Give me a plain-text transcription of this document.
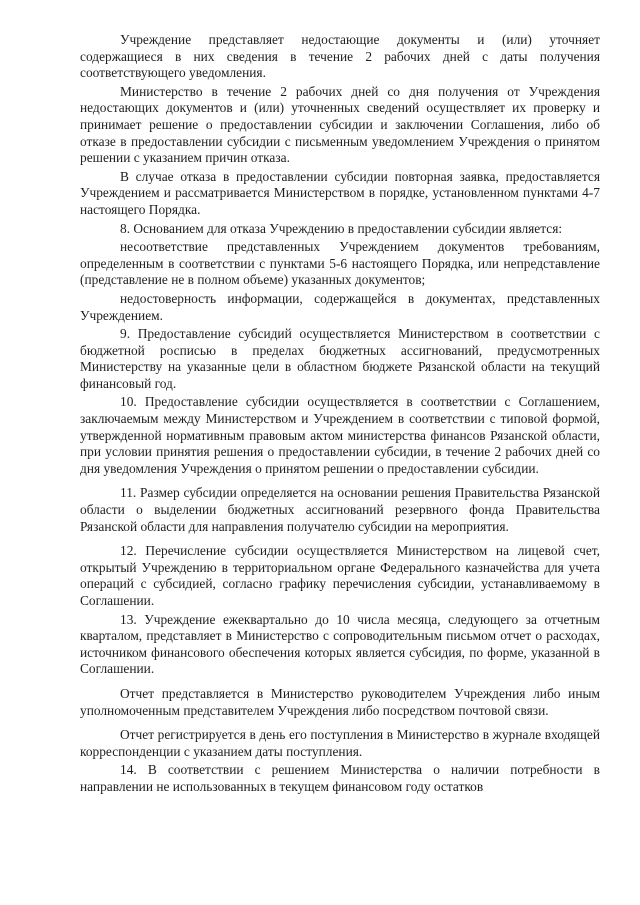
Учреждение представляет недостающие документы и (или) уточняет содержащиеся в них сведения в течение 2 рабочих дней с даты получения соответствующего уведомления.

Министерство в течение 2 рабочих дней со дня получения от Учреждения недостающих документов и (или) уточненных сведений осуществляет их проверку и принимает решение о предоставлении субсидии и заключении Соглашения, либо об отказе в предоставлении субсидии с письменным уведомлением Учреждения о принятом решении с указанием причин отказа.

В случае отказа в предоставлении субсидии повторная заявка, предоставляется Учреждением и рассматривается Министерством в порядке, установленном пунктами 4-7 настоящего Порядка.

8. Основанием для отказа Учреждению в предоставлении субсидии является:

несоответствие представленных Учреждением документов требованиям, определенным в соответствии с пунктами 5-6 настоящего Порядка, или непредставление (представление не в полном объеме) указанных документов;

недостоверность информации, содержащейся в документах, представленных Учреждением.

9. Предоставление субсидий осуществляется Министерством в соответствии с бюджетной росписью в пределах бюджетных ассигнований, предусмотренных Министерству на указанные цели в областном бюджете Рязанской области на текущий финансовый год.

10. Предоставление субсидии осуществляется в соответствии с Соглашением, заключаемым между Министерством и Учреждением в соответствии с типовой формой, утвержденной нормативным правовым актом министерства финансов Рязанской области, при условии принятия решения о предоставлении субсидии, в течение 2 рабочих дней со дня уведомления Учреждения о принятом решении о предоставлении субсидии.

11. Размер субсидии определяется на основании решения Правительства Рязанской области о выделении бюджетных ассигнований резервного фонда Правительства Рязанской области для направления получателю субсидии на мероприятия.

12. Перечисление субсидии осуществляется Министерством на лицевой счет, открытый Учреждению в территориальном органе Федерального казначейства для учета операций с субсидией, согласно графику перечисления субсидии, устанавливаемому в Соглашении.

13. Учреждение ежеквартально до 10 числа месяца, следующего за отчетным кварталом, представляет в Министерство с сопроводительным письмом отчет о расходах, источником финансового обеспечения которых является субсидия, по форме, указанной в Соглашении.

Отчет представляется в Министерство руководителем Учреждения либо иным уполномоченным представителем Учреждения либо посредством почтовой связи.

Отчет регистрируется в день его поступления в Министерство в журнале входящей корреспонденции с указанием даты поступления.

14. В соответствии с решением Министерства о наличии потребности в направлении не использованных в текущем финансовом году остатков
